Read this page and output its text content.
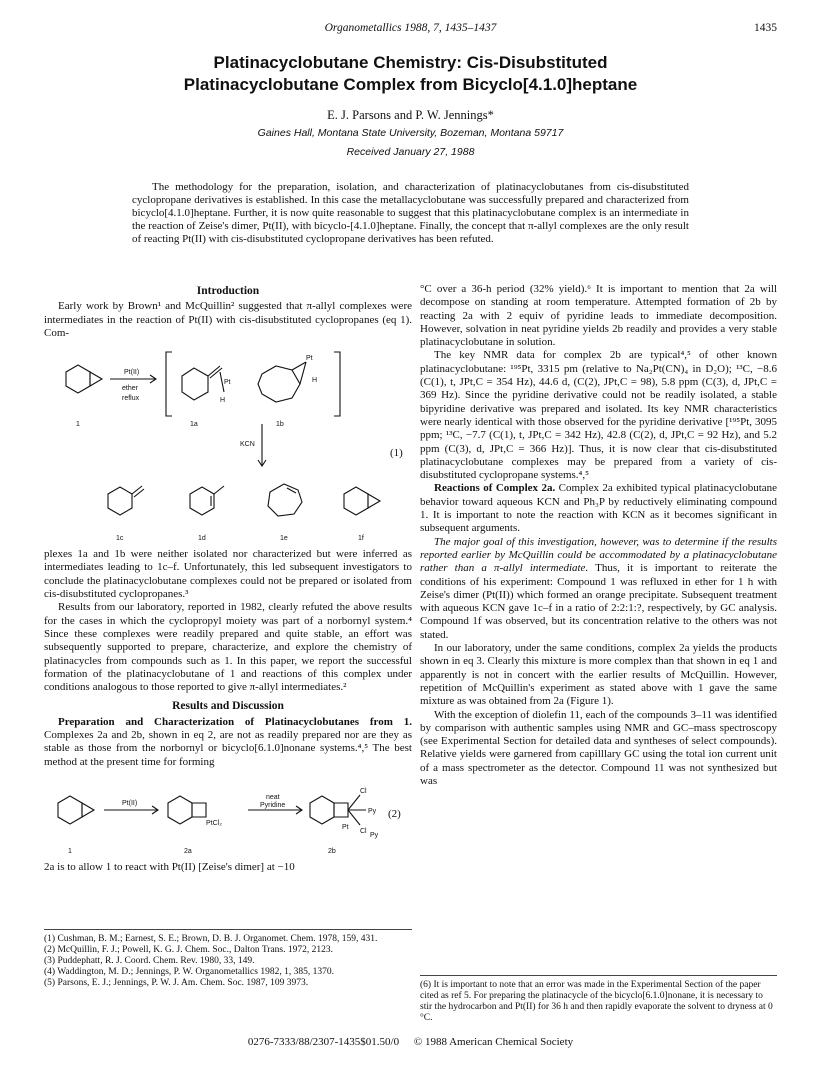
Organometallics 1988, 7, 1435–1437	1435
Platinacyclobutane Chemistry: Cis-Disubstituted
Platinacyclobutane Complex from Bicyclo[4.1.0]heptane
E. J. Parsons and P. W. Jennings*
Gaines Hall, Montana State University, Bozeman, Montana 59717
Received January 27, 1988
The methodology for the preparation, isolation, and characterization of platinacyclobutanes from cis-disubstituted cyclopropane derivatives is established. In this case the metallacyclobutane was successfully prepared and characterized from bicyclo[4.1.0]heptane. Further, it is now quite reasonable to suggest that this platinacyclobutane complex is an intermediate in the reaction of Zeise's dimer, Pt(II), with bicyclo-[4.1.0]heptane. Finally, the concept that π-allyl complexes are the only result of reacting Pt(II) with cis-disubstituted cyclopropane derivatives has been refuted.
Introduction

Early work by Brown¹ and McQuillin² suggested that π-allyl complexes were intermediates in the reaction of Pt(II) with cis-disubstituted cyclopropanes (eq 1). Com-

Pt(II)
ether
reflux
1	1a	1b
Pt
H
Pt
H
KCN
1c	1d	1e	1f
(1)

plexes 1a and 1b were neither isolated nor characterized but were inferred as intermediates leading to 1c–f. Unfortunately, this led subsequent investigators to conclude the platinacyclobutane complexes could not be prepared or isolated from cis-disubstituted cyclopropanes.³

Results from our laboratory, reported in 1982, clearly refuted the above results for the cases in which the cyclopropyl moiety was part of a norbornyl system.⁴ Since these complexes were readily prepared and quite stable, an effort was subsequently supported to prepare, characterize, and explore the chemistry of platinacycles from compounds such as 1. In this paper, we report the successful formation of the platinacyclobutane of 1 and reactions of this complex under conditions analogous to those reported to give π-allyl intermediates.²

Results and Discussion

Preparation and Characterization of Platinacyclobutanes from 1. Complexes 2a and 2b, shown in eq 2, are not as readily prepared nor are they as stable as those from the norbornyl or bicyclo[6.1.0]nonane systems.⁴,⁵ The best method at the present time for forming

Pt(II)
neat
Pyridine
PtCl₂
Pt
Cl
Cl
Py
Py
1	2a	2b
(2)

2a is to allow 1 to react with Pt(II) [Zeise's dimer] at −10

(1) Cushman, B. M.; Earnest, S. E.; Brown, D. B. J. Organomet. Chem. 1978, 159, 431.
(2) McQuillin, F. J.; Powell, K. G. J. Chem. Soc., Dalton Trans. 1972, 2123.
(3) Puddephatt, R. J. Coord. Chem. Rev. 1980, 33, 149.
(4) Waddington, M. D.; Jennings, P. W. Organometallics 1982, 1, 385, 1370.
(5) Parsons, E. J.; Jennings, P. W. J. Am. Chem. Soc. 1987, 109 3973.

°C over a 36-h period (32% yield).⁶ It is important to mention that 2a will decompose on standing at room temperature. Attempted formation of 2b by reacting 2a with 2 equiv of pyridine leads to immediate decomposition. However, solvation in neat pyridine yields 2b readily and provides a very stable platinacyclobutane in solution.

The key NMR data for complex 2b are typical⁴,⁵ of other known platinacyclobutane: ¹⁹⁵Pt, 3315 pm (relative to Na₂Pt(CN)₄ in D₂O); ¹³C, −8.6 (C(1), t, JPt,C = 354 Hz), 44.6 d, (C(2), JPt,C = 98), 5.8 ppm (C(3), d, JPt,C = 369 Hz). Since the pyridine derivative could not be readily isolated, a stable bipyridine derivative was prepared and isolated. Its key NMR characteristics were nearly identical with those observed for the pyridine derivative [¹⁹⁵Pt, 3095 ppm; ¹³C, −7.7 (C(1), t, JPt,C = 342 Hz), 42.8 (C(2), d, JPt,C = 92 Hz), and 5.2 ppm (C(3), d, JPt,C = 366 Hz)]. Thus, it is now clear that cis-disubstituted platinacyclobutane complexes may be prepared from a variety of cis-disubstituted cyclopropane systems.⁴,⁵

Reactions of Complex 2a. Complex 2a exhibited typical platinacyclobutane behavior toward aqueous KCN and Ph₃P by reductively eliminating compound 1. It is important to note the reaction with KCN as it becomes significant in subsequent arguments.

The major goal of this investigation, however, was to determine if the results reported earlier by McQuillin could be accommodated by a platinacyclobutane rather than a π-allyl intermediate. Thus, it is important to reiterate the conditions of his experiment: Compound 1 was refluxed in ether for 1 h with Zeise's dimer (Pt(II)) which formed an orange precipitate. Subsequent treatment with aqueous KCN gave 1c–f in a ratio of 2:2:1:?, respectively, by GC analysis. Compound 1f was observed, but its concentration relative to the others was not stated.

In our laboratory, under the same conditions, complex 2a yields the products shown in eq 3. Clearly this mixture is more complex than that shown in eq 1 and apparently is not in concert with the earlier results of McQuillin. However, repetition of McQuillin's experiment as stated above with 1 gave the same mixture as was obtained from 2a (Figure 1).

With the exception of diolefin 11, each of the compounds 3–11 was identified by comparison with authentic samples using NMR and GC–mass spectroscopy (see Experimental Section for detailed data and syntheses of select compounds). Relative yields were garnered from capilllary GC using the total ion current unit of a mass spectrometer as the detector. Compound 11 was not synthesized but was

(6) It is important to note that an error was made in the Experimental Section of the paper cited as ref 5. For preparing the platinacycle of the bicyclo[6.1.0]nonane, it is necessary to stir the hydrocarbon and Pt(II) for 36 h and then rapidly evaporate the solvent to dryness at 0 °C.
0276-7333/88/2307-1435$01.50/0 © 1988 American Chemical Society
